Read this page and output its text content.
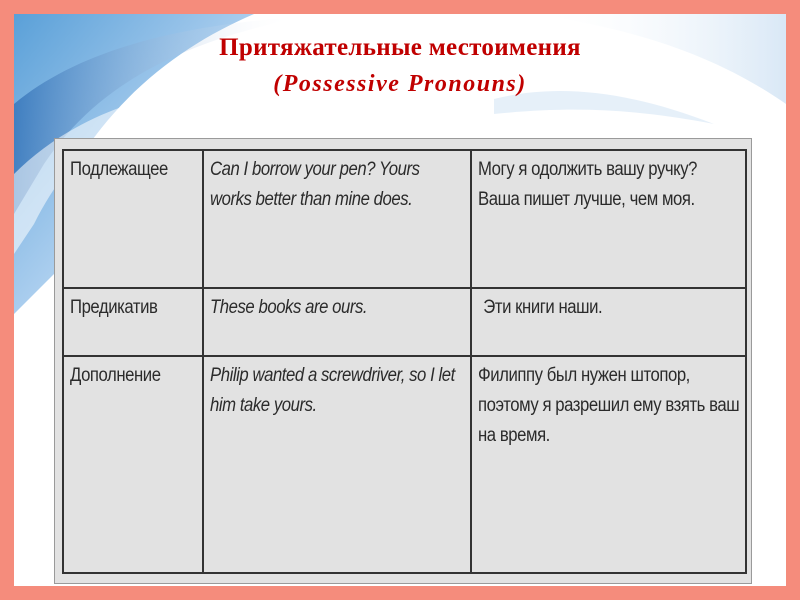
Притяжательные местоимения
(Possessive Pronouns)
Подлежащее	Can I borrow your pen? Yours works better than mine does.	Могу я одолжить вашу ручку? Ваша пишет лучше, чем моя.

Предикатив	These books are ours.	Эти книги наши.

Дополнение	Philip wanted a screwdriver, so I let him take yours.	Филиппу был нужен штопор, поэтому я разрешил ему взять ваш на время.
